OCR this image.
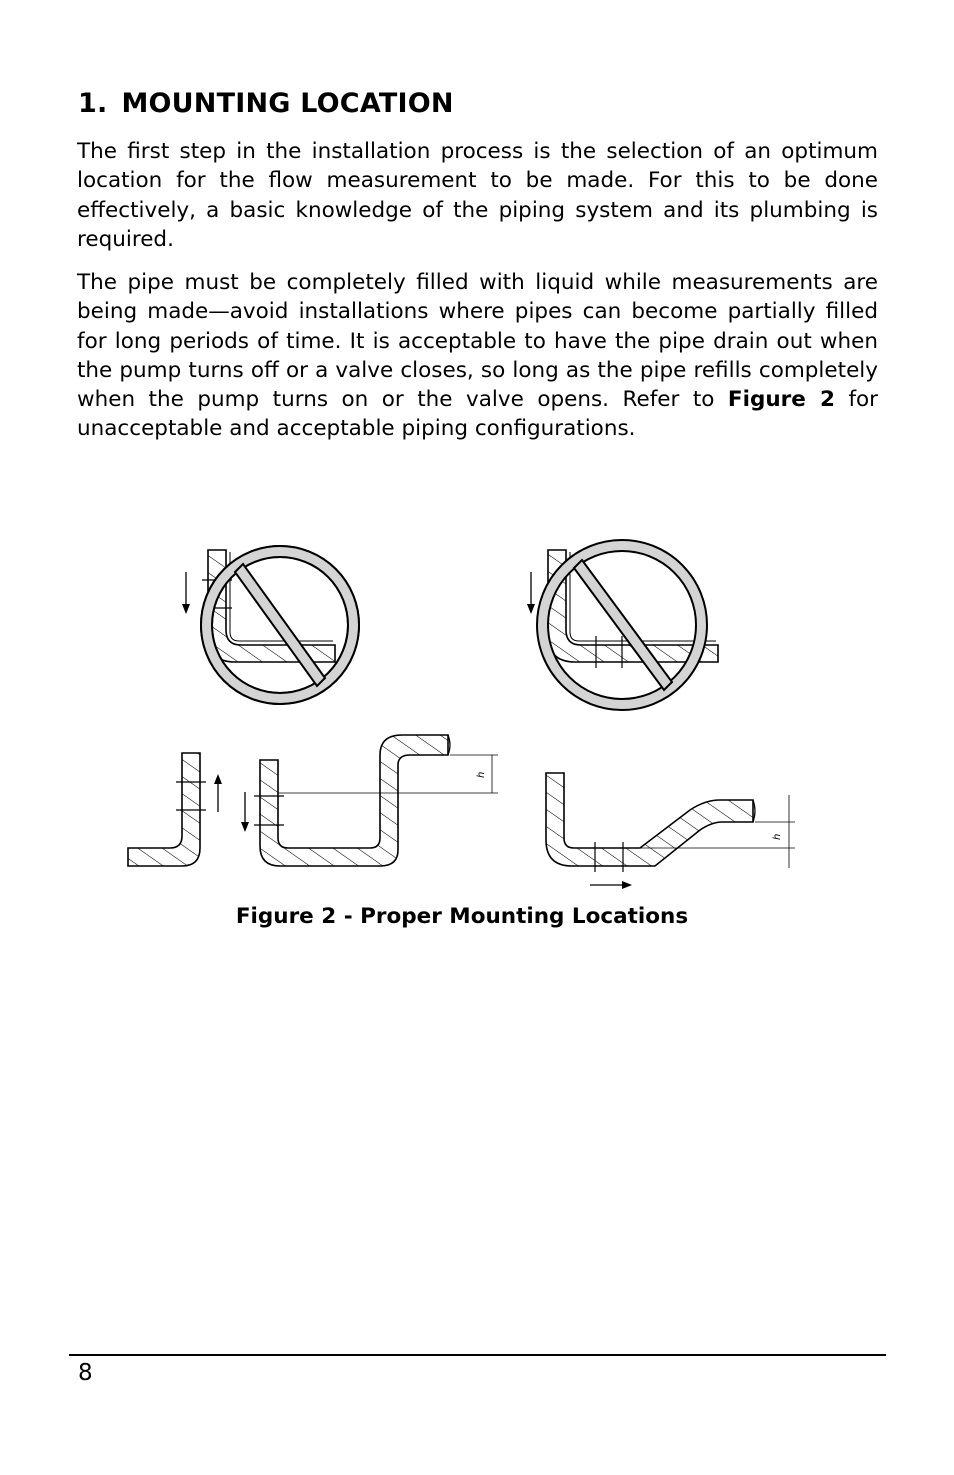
1. MOUNTING LOCATION

The first step in the installation process is the selection of an optimum location for the flow measurement to be made. For this to be done effectively, a basic knowledge of the piping system and its plumbing is required.

The pipe must be completely filled with liquid while measurements are being made—avoid installations where pipes can become partially filled for long periods of time. It is acceptable to have the pipe drain out when the pump turns off or a valve closes, so long as the pipe refills completely when the pump turns on or the valve opens. Refer to Figure 2 for unacceptable and acceptable piping configurations.

h
h

Figure 2 - Proper Mounting Locations

8
